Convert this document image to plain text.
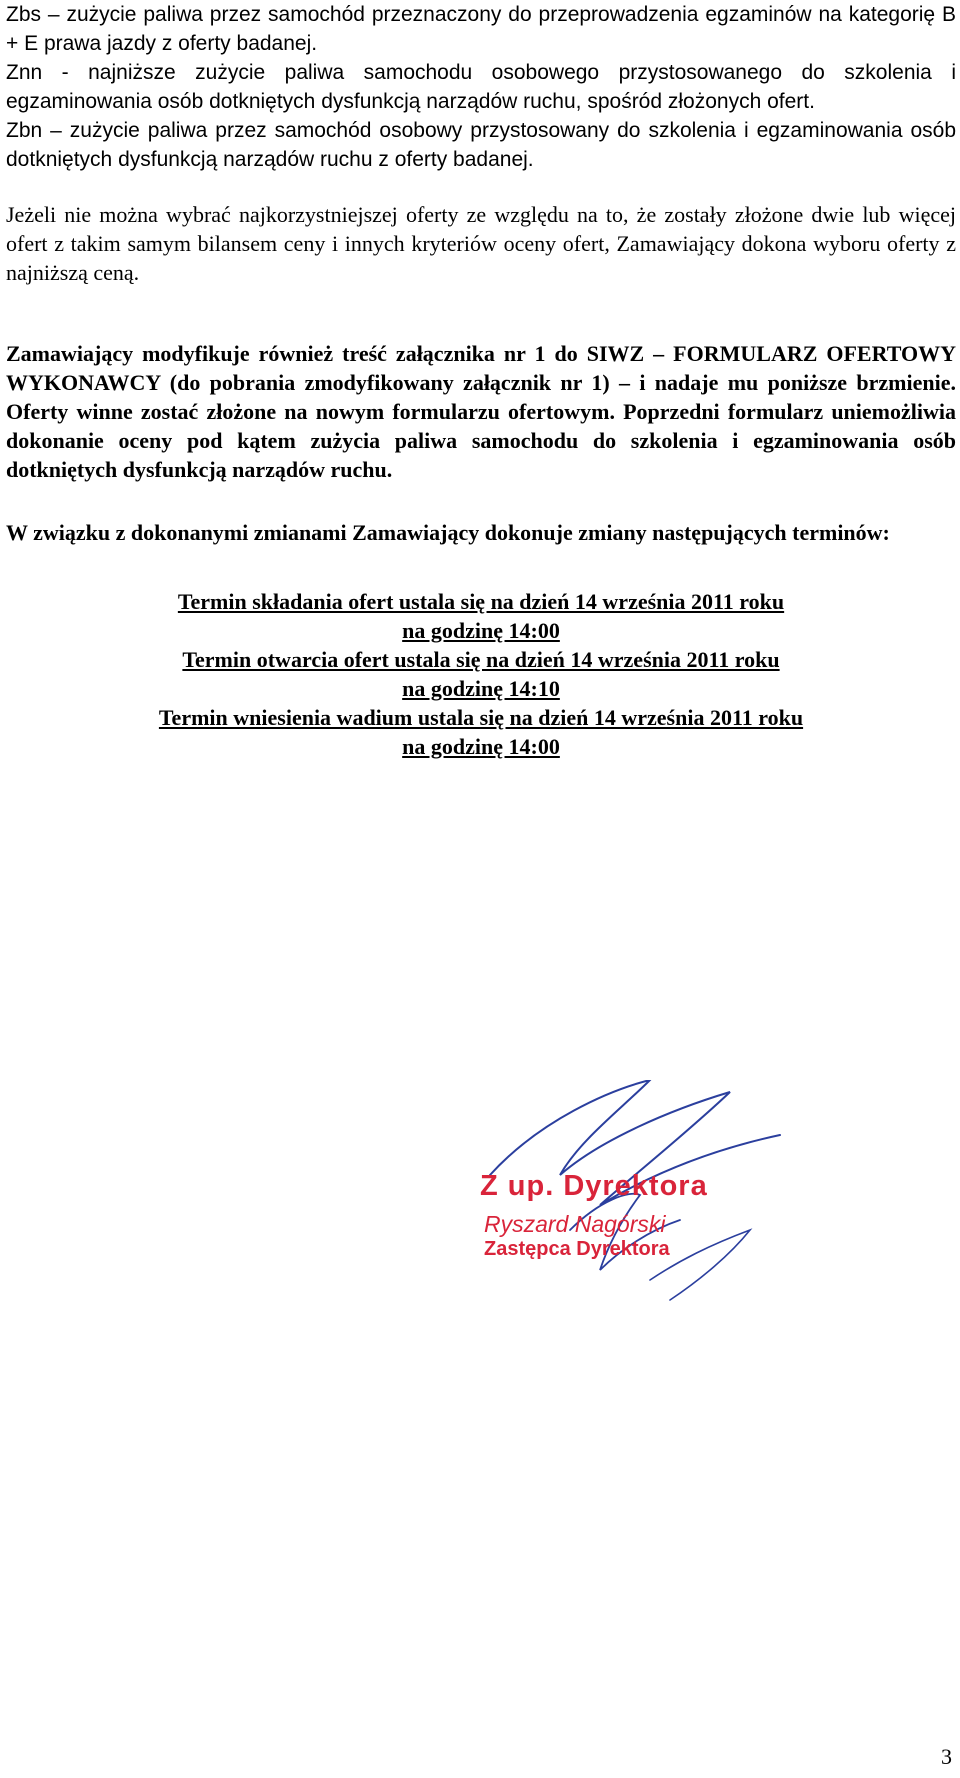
Zbs – zużycie paliwa przez samochód przeznaczony do przeprowadzenia egzaminów na kategorię B + E prawa jazdy z oferty badanej.

Znn - najniższe zużycie paliwa samochodu osobowego przystosowanego do szkolenia i egzaminowania osób dotkniętych dysfunkcją narządów ruchu, spośród złożonych ofert.

Zbn – zużycie paliwa przez samochód osobowy przystosowany do szkolenia i egzaminowania osób dotkniętych dysfunkcją narządów ruchu z oferty badanej.

Jeżeli nie można wybrać najkorzystniejszej oferty ze względu na to, że zostały złożone dwie lub więcej ofert z takim samym bilansem ceny i innych kryteriów oceny ofert, Zamawiający dokona wyboru oferty z najniższą ceną.

Zamawiający modyfikuje również treść załącznika nr 1 do SIWZ – FORMULARZ OFERTOWY WYKONAWCY (do pobrania zmodyfikowany załącznik nr 1) – i nadaje mu poniższe brzmienie. Oferty winne zostać złożone na nowym formularzu ofertowym. Poprzedni formularz uniemożliwia dokonanie oceny pod kątem zużycia paliwa samochodu do szkolenia i egzaminowania osób dotkniętych dysfunkcją narządów ruchu.

W związku z dokonanymi zmianami Zamawiający dokonuje zmiany następujących terminów:

Termin składania ofert ustala się na dzień 14 września 2011 roku

na godzinę 14:00

Termin otwarcia ofert ustala się na dzień 14 września 2011 roku

na godzinę 14:10

Termin wniesienia wadium ustala się na dzień 14 września 2011 roku

na godzinę 14:00

Z up. Dyrektora
Ryszard Nagórski
Zastępca Dyrektora
3
